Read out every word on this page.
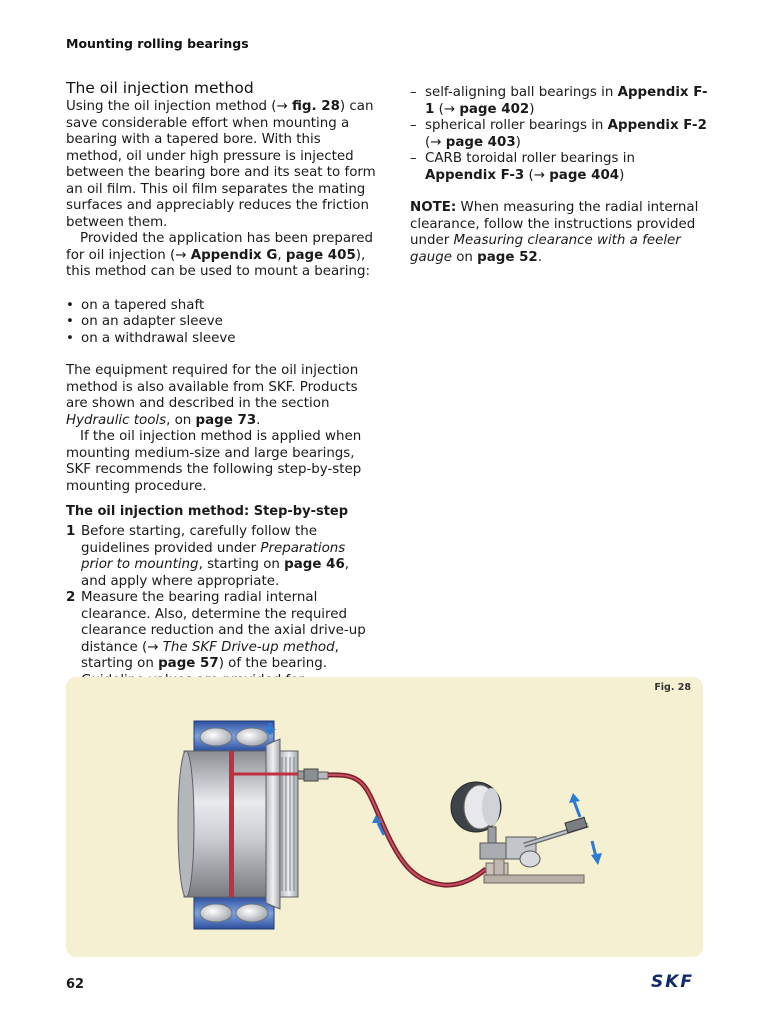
Mounting rolling bearings
The oil injection method

Using the oil injection method (→ fig. 28) can save considerable effort when mounting a bearing with a tapered bore. With this method, oil under high pressure is injected between the bearing bore and its seat to form an oil film. This oil film separates the mating surfaces and appreciably reduces the friction between them.

Provided the application has been prepared for oil injection (→ Appendix G, page 405), this method can be used to mount a bearing:

• on a tapered shaft
• on an adapter sleeve
• on a withdrawal sleeve

The equipment required for the oil injection method is also available from SKF. Products are shown and described in the section Hydraulic tools, on page 73.

If the oil injection method is applied when mounting medium-size and large bearings, SKF recommends the following step-by-step mounting procedure.

The oil injection method: Step-by-step
1 Before starting, carefully follow the guidelines provided under Preparations prior to mounting, starting on page 46, and apply where appropriate.
2 Measure the bearing radial internal clearance. Also, determine the required clearance reduction and the axial drive-up distance (→ The SKF Drive-up method, starting on page 57) of the bearing.
– self-aligning ball bearings in Appendix F-1 (→ page 402)
– spherical roller bearings in Appendix F-2 (→ page 403)
– CARB toroidal roller bearings in Appendix F-3 (→ page 404)

NOTE: When measuring the radial internal clearance, follow the instructions provided under Measuring clearance with a feeler gauge on page 52.

Fig. 28
62	SKF
